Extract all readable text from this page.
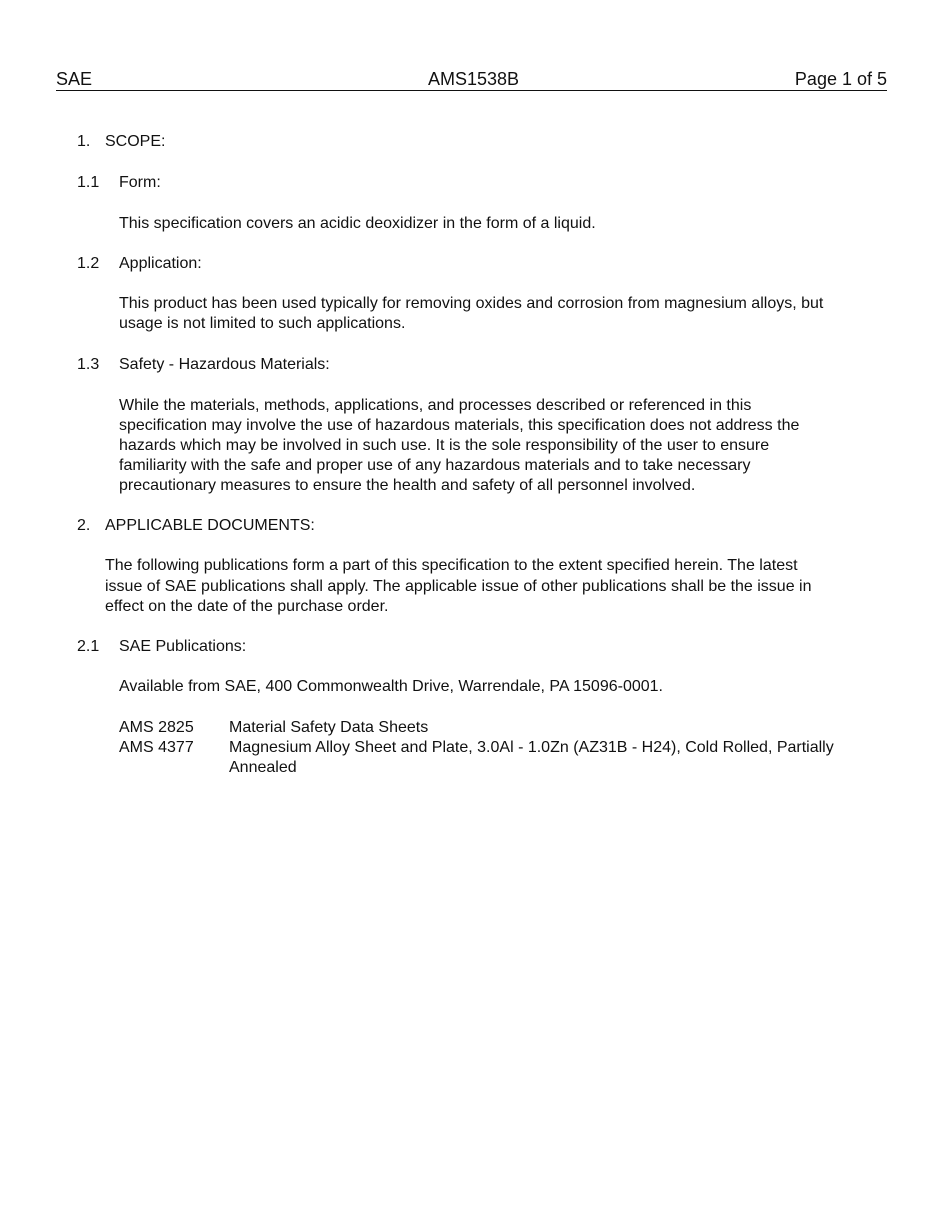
SAE	AMS1538B	Page 1 of 5
1. SCOPE:
1.1 Form:
This specification covers an acidic deoxidizer in the form of a liquid.
1.2 Application:
This product has been used typically for removing oxides and corrosion from magnesium alloys, but
usage is not limited to such applications.
1.3 Safety - Hazardous Materials:
While the materials, methods, applications, and processes described or referenced in this
specification may involve the use of hazardous materials, this specification does not address the
hazards which may be involved in such use. It is the sole responsibility of the user to ensure
familiarity with the safe and proper use of any hazardous materials and to take necessary
precautionary measures to ensure the health and safety of all personnel involved.
2. APPLICABLE DOCUMENTS:
The following publications form a part of this specification to the extent specified herein. The latest
issue of SAE publications shall apply. The applicable issue of other publications shall be the issue in
effect on the date of the purchase order.
2.1 SAE Publications:
Available from SAE, 400 Commonwealth Drive, Warrendale, PA 15096-0001.
AMS 2825 Material Safety Data Sheets
AMS 4377 Magnesium Alloy Sheet and Plate, 3.0Al - 1.0Zn (AZ31B - H24), Cold Rolled, Partially
Annealed
